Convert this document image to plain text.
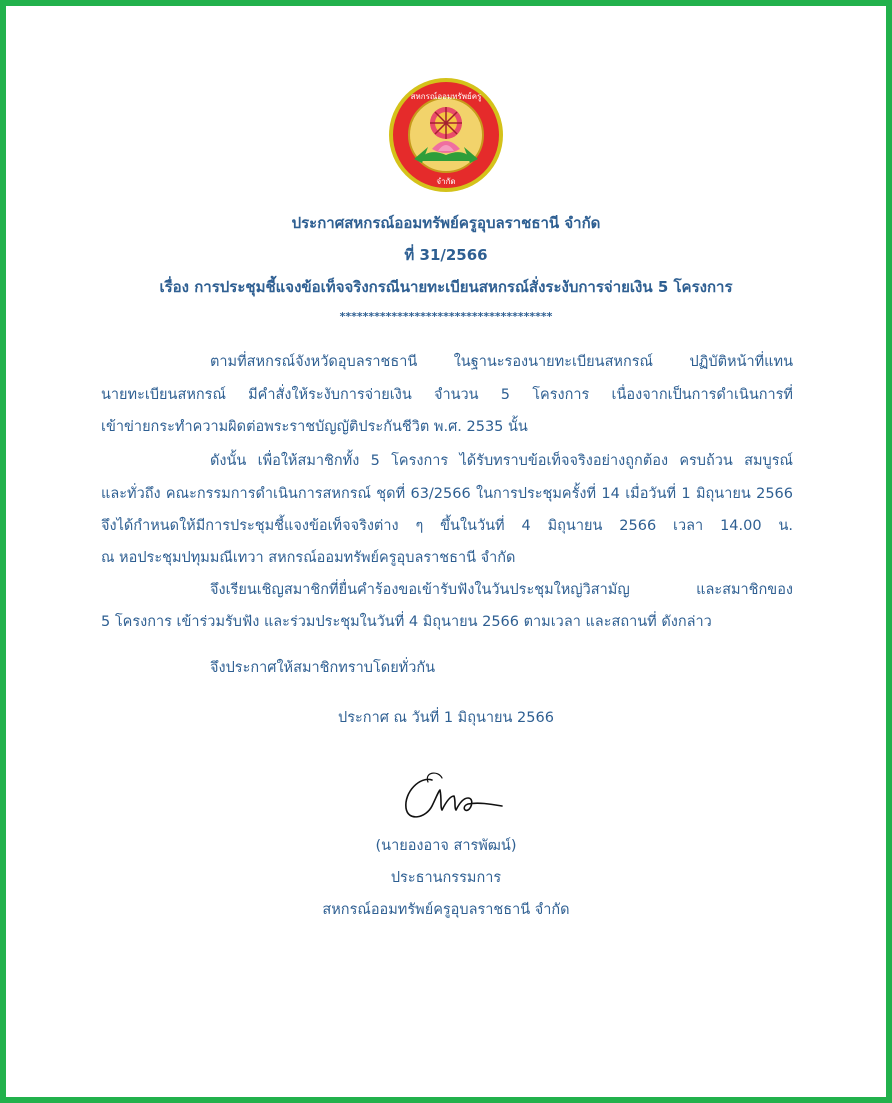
สหกรณ์ออมทรัพย์ครู
จำกัด
ประกาศสหกรณ์ออมทรัพย์ครูอุบลราชธานี จำกัด
ที่ 31/2566
เรื่อง การประชุมชี้แจงข้อเท็จจริงกรณีนายทะเบียนสหกรณ์สั่งระงับการจ่ายเงิน 5 โครงการ
*************************************
ตามที่สหกรณ์จังหวัดอุบลราชธานี ในฐานะรองนายทะเบียนสหกรณ์ ปฏิบัติหน้าที่แทน
นายทะเบียนสหกรณ์ มีคำสั่งให้ระงับการจ่ายเงิน จำนวน 5 โครงการ เนื่องจากเป็นการดำเนินการที่
เข้าข่ายกระทำความผิดต่อพระราชบัญญัติประกันชีวิต พ.ศ. 2535 นั้น
ดังนั้น เพื่อให้สมาชิกทั้ง 5 โครงการ ได้รับทราบข้อเท็จจริงอย่างถูกต้อง ครบถ้วน สมบูรณ์
และทั่วถึง คณะกรรมการดำเนินการสหกรณ์ ชุดที่ 63/2566 ในการประชุมครั้งที่ 14 เมื่อวันที่ 1 มิถุนายน 2566
จึงได้กำหนดให้มีการประชุมชี้แจงข้อเท็จจริงต่าง ๆ ขึ้นในวันที่ 4 มิถุนายน 2566 เวลา 14.00 น.
ณ หอประชุมปทุมมณีเทวา สหกรณ์ออมทรัพย์ครูอุบลราชธานี จำกัด
จึงเรียนเชิญสมาชิกที่ยื่นคำร้องขอเข้ารับฟังในวันประชุมใหญ่วิสามัญ และสมาชิกของ
5 โครงการ เข้าร่วมรับฟัง และร่วมประชุมในวันที่ 4 มิถุนายน 2566 ตามเวลา และสถานที่ ดังกล่าว
จึงประกาศให้สมาชิกทราบโดยทั่วกัน
ประกาศ ณ วันที่ 1 มิถุนายน 2566
(นายองอาจ สารพัฒน์)
ประธานกรรมการ
สหกรณ์ออมทรัพย์ครูอุบลราชธานี จำกัด
